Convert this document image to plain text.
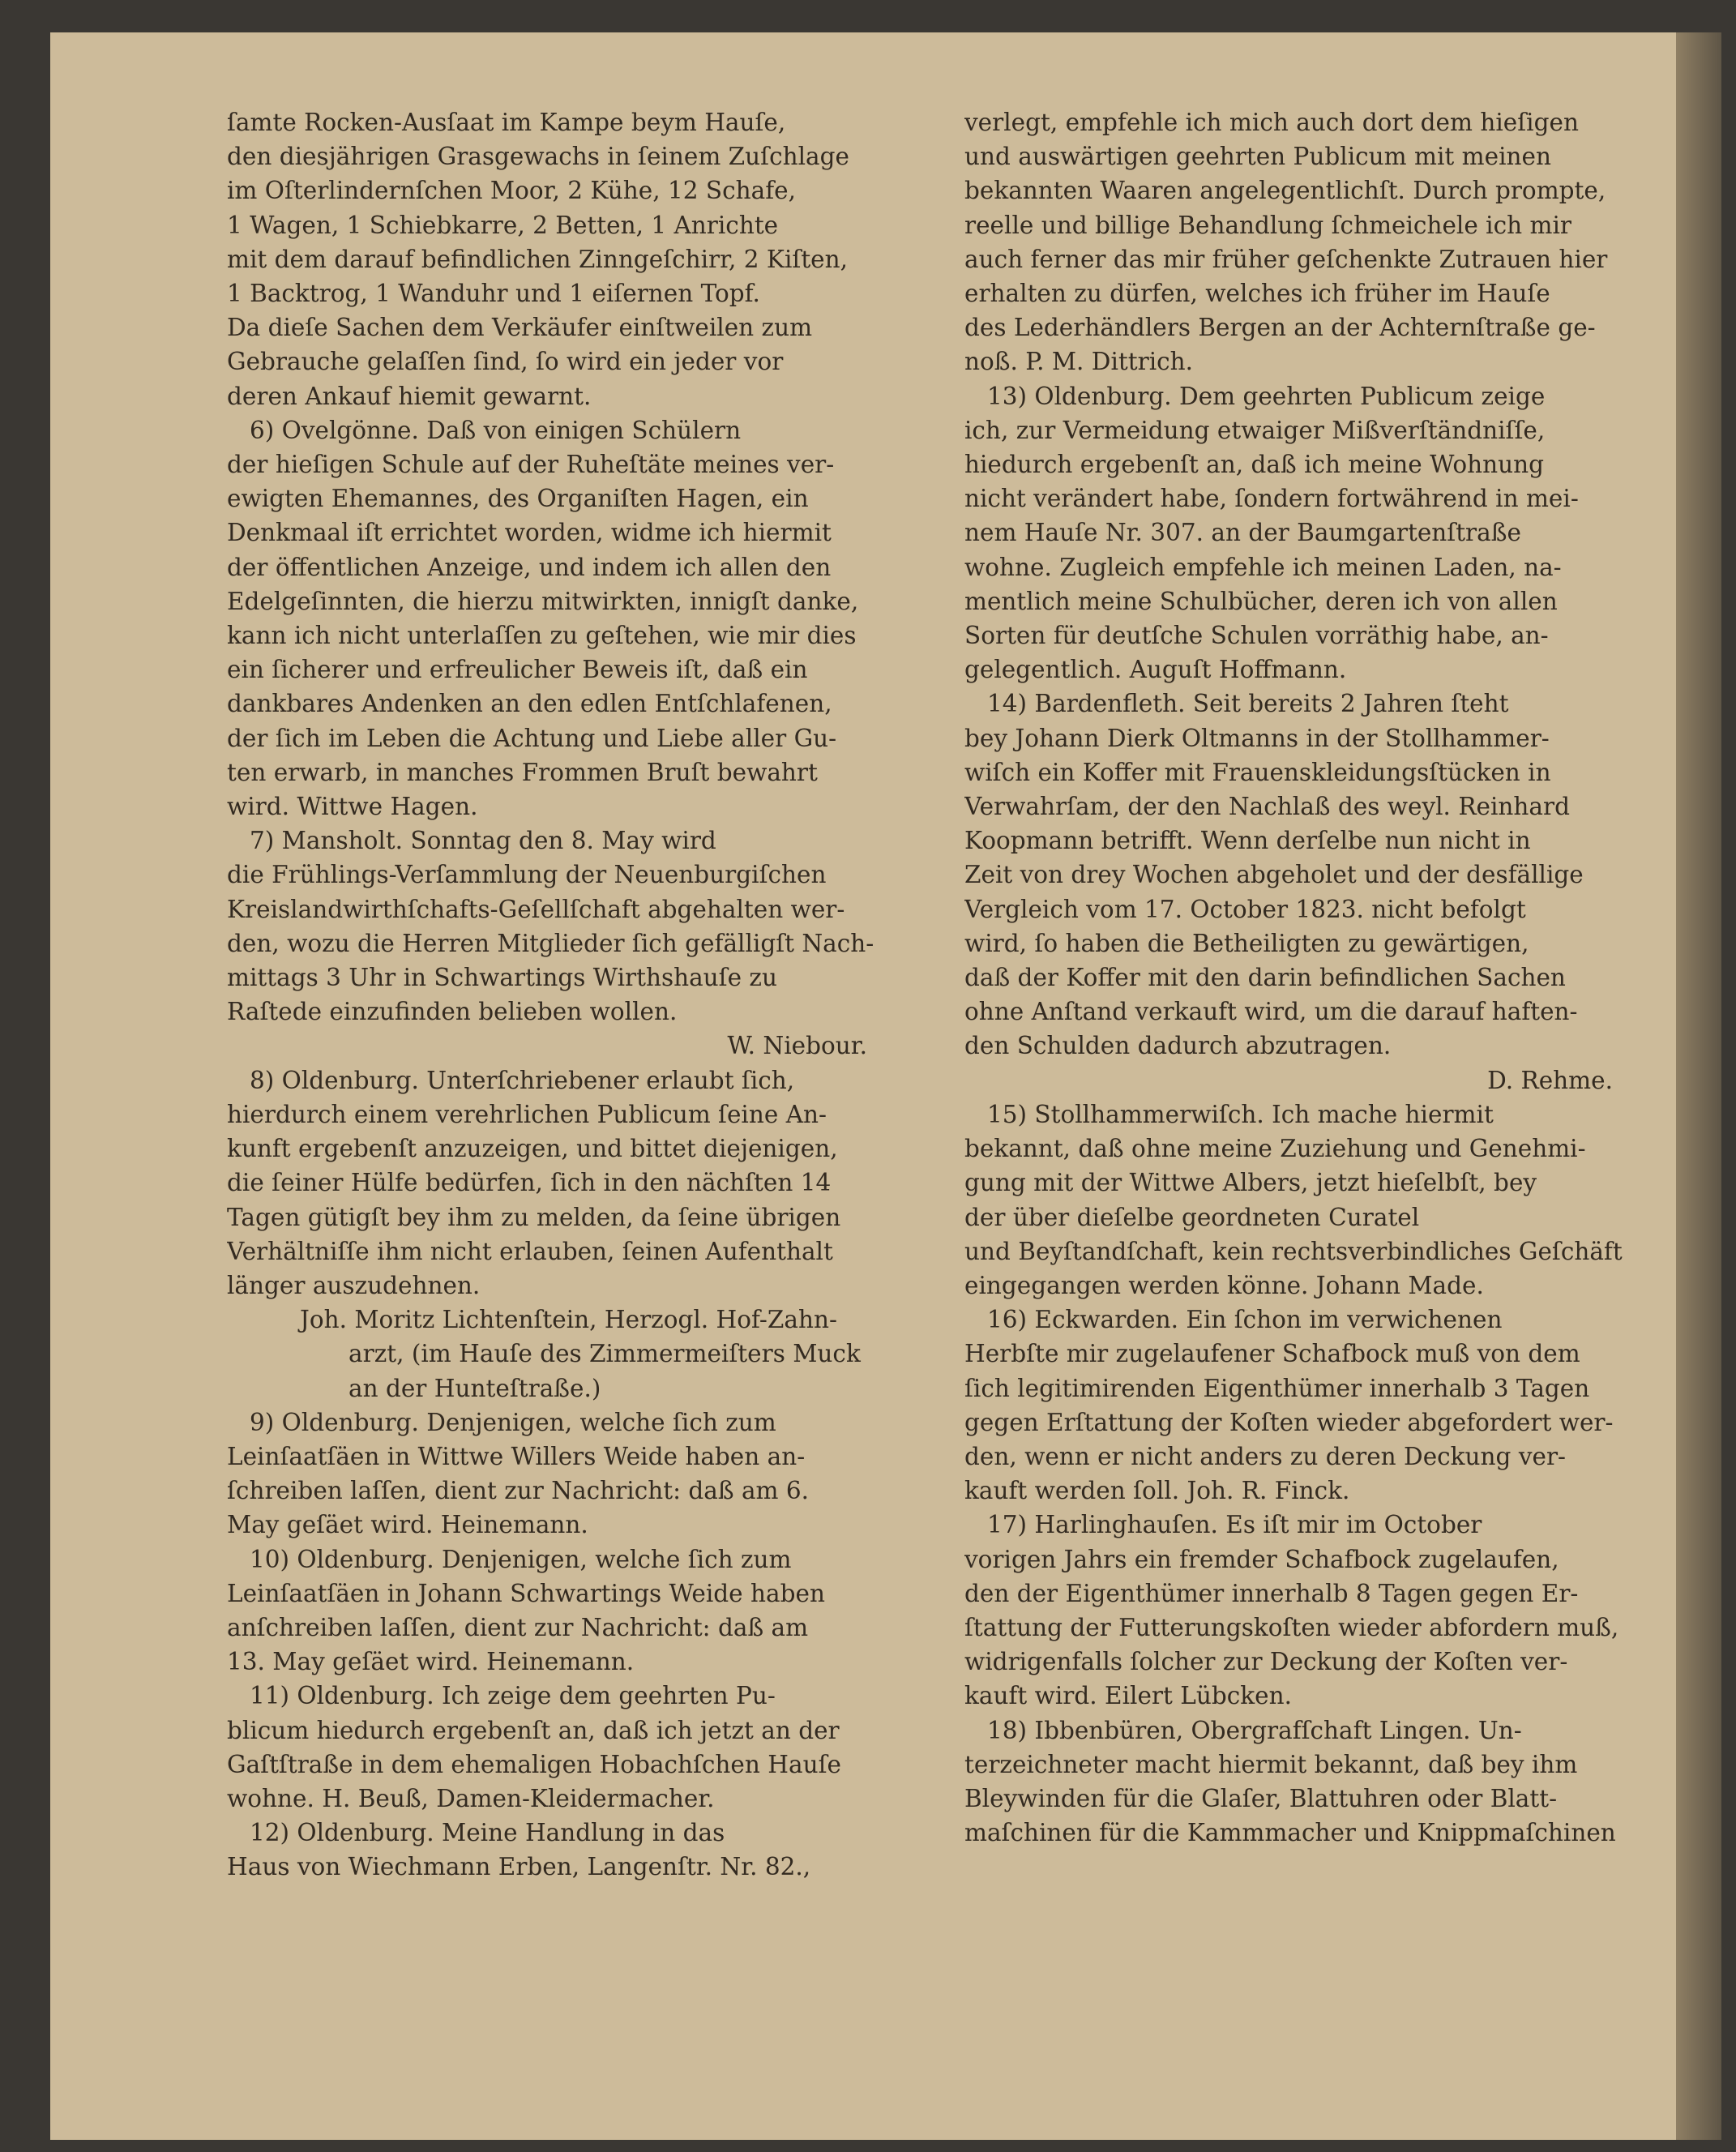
ſamte Rocken-Ausſaat im Kampe beym Hauſe,
den diesjährigen Grasgewachs in ſeinem Zuſchlage
im Oſterlindernſchen Moor, 2 Kühe, 12 Schafe,
1 Wagen, 1 Schiebkarre, 2 Betten, 1 Anrichte
mit dem darauf befindlichen Zinngeſchirr, 2 Kiſten,
1 Backtrog, 1 Wanduhr und 1 eiſernen Topf.
Da dieſe Sachen dem Verkäufer einſtweilen zum
Gebrauche gelaſſen ſind, ſo wird ein jeder vor
deren Ankauf hiemit gewarnt.
6) Ovelgönne. Daß von einigen Schülern
der hieſigen Schule auf der Ruheſtäte meines ver-
ewigten Ehemannes, des Organiſten Hagen, ein
Denkmaal iſt errichtet worden, widme ich hiermit
der öffentlichen Anzeige, und indem ich allen den
Edelgeſinnten, die hierzu mitwirkten, innigſt danke,
kann ich nicht unterlaſſen zu geſtehen, wie mir dies
ein ſicherer und erfreulicher Beweis iſt, daß ein
dankbares Andenken an den edlen Entſchlafenen,
der ſich im Leben die Achtung und Liebe aller Gu-
ten erwarb, in manches Frommen Bruſt bewahrt
wird. Wittwe Hagen.
7) Mansholt. Sonntag den 8. May wird
die Frühlings-Verſammlung der Neuenburgiſchen
Kreislandwirthſchafts-Geſellſchaft abgehalten wer-
den, wozu die Herren Mitglieder ſich gefälligſt Nach-
mittags 3 Uhr in Schwartings Wirthshauſe zu
Raſtede einzufinden belieben wollen.
W. Niebour.
8) Oldenburg. Unterſchriebener erlaubt ſich,
hierdurch einem verehrlichen Publicum ſeine An-
kunft ergebenſt anzuzeigen, und bittet diejenigen,
die ſeiner Hülfe bedürfen, ſich in den nächſten 14
Tagen gütigſt bey ihm zu melden, da ſeine übrigen
Verhältniſſe ihm nicht erlauben, ſeinen Aufenthalt
länger auszudehnen.
Joh. Moritz Lichtenſtein, Herzogl. Hof-Zahn-
arzt, (im Hauſe des Zimmermeiſters Muck
an der Hunteſtraße.)
9) Oldenburg. Denjenigen, welche ſich zum
Leinſaatſäen in Wittwe Willers Weide haben an-
ſchreiben laſſen, dient zur Nachricht: daß am 6.
May geſäet wird. Heinemann.
10) Oldenburg. Denjenigen, welche ſich zum
Leinſaatſäen in Johann Schwartings Weide haben
anſchreiben laſſen, dient zur Nachricht: daß am
13. May geſäet wird. Heinemann.
11) Oldenburg. Ich zeige dem geehrten Pu-
blicum hiedurch ergebenſt an, daß ich jetzt an der
Gaſtſtraße in dem ehemaligen Hobachſchen Hauſe
wohne. H. Beuß, Damen-Kleidermacher.
12) Oldenburg. Meine Handlung in das
Haus von Wiechmann Erben, Langenſtr. Nr. 82.,
verlegt, empfehle ich mich auch dort dem hieſigen
und auswärtigen geehrten Publicum mit meinen
bekannten Waaren angelegentlichſt. Durch prompte,
reelle und billige Behandlung ſchmeichele ich mir
auch ferner das mir früher geſchenkte Zutrauen hier
erhalten zu dürfen, welches ich früher im Hauſe
des Lederhändlers Bergen an der Achternſtraße ge-
noß. P. M. Dittrich.
13) Oldenburg. Dem geehrten Publicum zeige
ich, zur Vermeidung etwaiger Mißverſtändniſſe,
hiedurch ergebenſt an, daß ich meine Wohnung
nicht verändert habe, ſondern fortwährend in mei-
nem Hauſe Nr. 307. an der Baumgartenſtraße
wohne. Zugleich empfehle ich meinen Laden, na-
mentlich meine Schulbücher, deren ich von allen
Sorten für deutſche Schulen vorräthig habe, an-
gelegentlich. Auguſt Hoffmann.
14) Bardenfleth. Seit bereits 2 Jahren ſteht
bey Johann Dierk Oltmanns in der Stollhammer-
wiſch ein Koffer mit Frauenskleidungsſtücken in
Verwahrſam, der den Nachlaß des weyl. Reinhard
Koopmann betrifft. Wenn derſelbe nun nicht in
Zeit von drey Wochen abgeholet und der desfällige
Vergleich vom 17. October 1823. nicht befolgt
wird, ſo haben die Betheiligten zu gewärtigen,
daß der Koffer mit den darin befindlichen Sachen
ohne Anſtand verkauft wird, um die darauf haften-
den Schulden dadurch abzutragen.
D. Rehme.
15) Stollhammerwiſch. Ich mache hiermit
bekannt, daß ohne meine Zuziehung und Genehmi-
gung mit der Wittwe Albers, jetzt hieſelbſt, bey
der über dieſelbe geordneten Curatel
und Beyſtandſchaft, kein rechtsverbindliches Geſchäft
eingegangen werden könne. Johann Made.
16) Eckwarden. Ein ſchon im verwichenen
Herbſte mir zugelaufener Schafbock muß von dem
ſich legitimirenden Eigenthümer innerhalb 3 Tagen
gegen Erſtattung der Koſten wieder abgefordert wer-
den, wenn er nicht anders zu deren Deckung ver-
kauft werden ſoll. Joh. R. Finck.
17) Harlinghauſen. Es iſt mir im October
vorigen Jahrs ein fremder Schafbock zugelaufen,
den der Eigenthümer innerhalb 8 Tagen gegen Er-
ſtattung der Futterungskoſten wieder abfordern muß,
widrigenfalls ſolcher zur Deckung der Koſten ver-
kauft wird. Eilert Lübcken.
18) Ibbenbüren, Obergrafſchaft Lingen. Un-
terzeichneter macht hiermit bekannt, daß bey ihm
Bleywinden für die Glaſer, Blattuhren oder Blatt-
maſchinen für die Kammmacher und Knippmaſchinen
